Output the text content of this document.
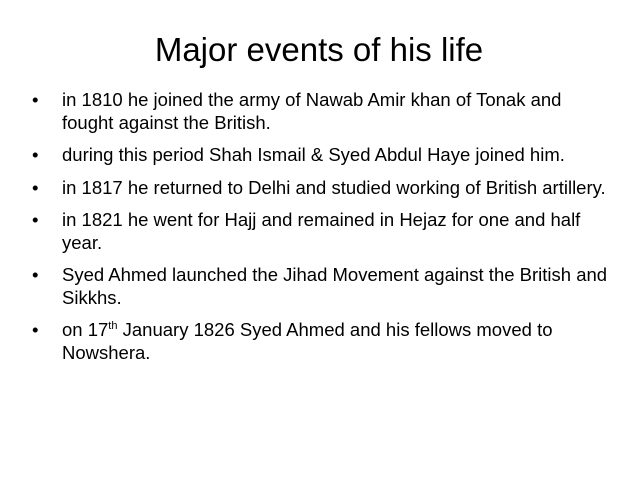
Major events of his life
•	in 1810 he joined the army of Nawab Amir khan of Tonak and fought against the British.
•	during this period Shah Ismail & Syed Abdul Haye joined him.
•	in 1817 he returned to Delhi and studied working of British artillery.
•	in 1821 he went for Hajj and remained in Hejaz for one and half year.
•	Syed Ahmed launched the Jihad Movement against the British and Sikkhs.
•	on 17th January 1826 Syed Ahmed and his fellows moved to Nowshera.
